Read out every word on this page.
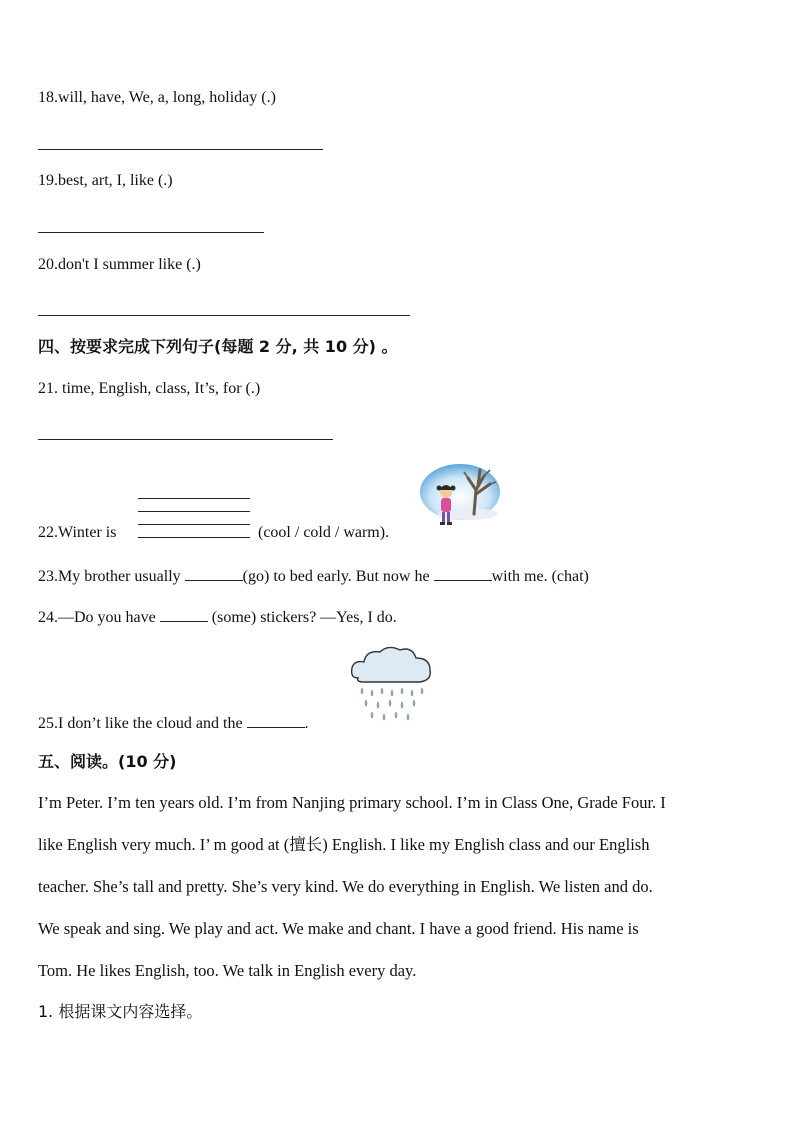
18.will, have, We, a, long, holiday (.)
19.best, art, I, like (.)
20.don't I summer like (.)
四、按要求完成下列句子(每题 2 分, 共 10 分) 。
21. time, English, class, It’s, for (.)
22.Winter is	(cool / cold / warm).
23.My brother usually	(go) to bed early. But now he	with me. (chat)
24.—Do you have	(some) stickers? —Yes, I do.
25.I don’t like the cloud and the	.
五、阅读。(10 分)
I’m Peter. I’m ten years old. I’m from Nanjing primary school. I’m in Class One, Grade Four. I
like English very much. I’ m good at (擅长) English. I like my English class and our English
teacher. She’s tall and pretty. She’s very kind. We do everything in English. We listen and do.
We speak and sing. We play and act. We make and chant. I have a good friend. His name is
Tom. He likes English, too. We talk in English every day.
1. 根据课文内容选择。
